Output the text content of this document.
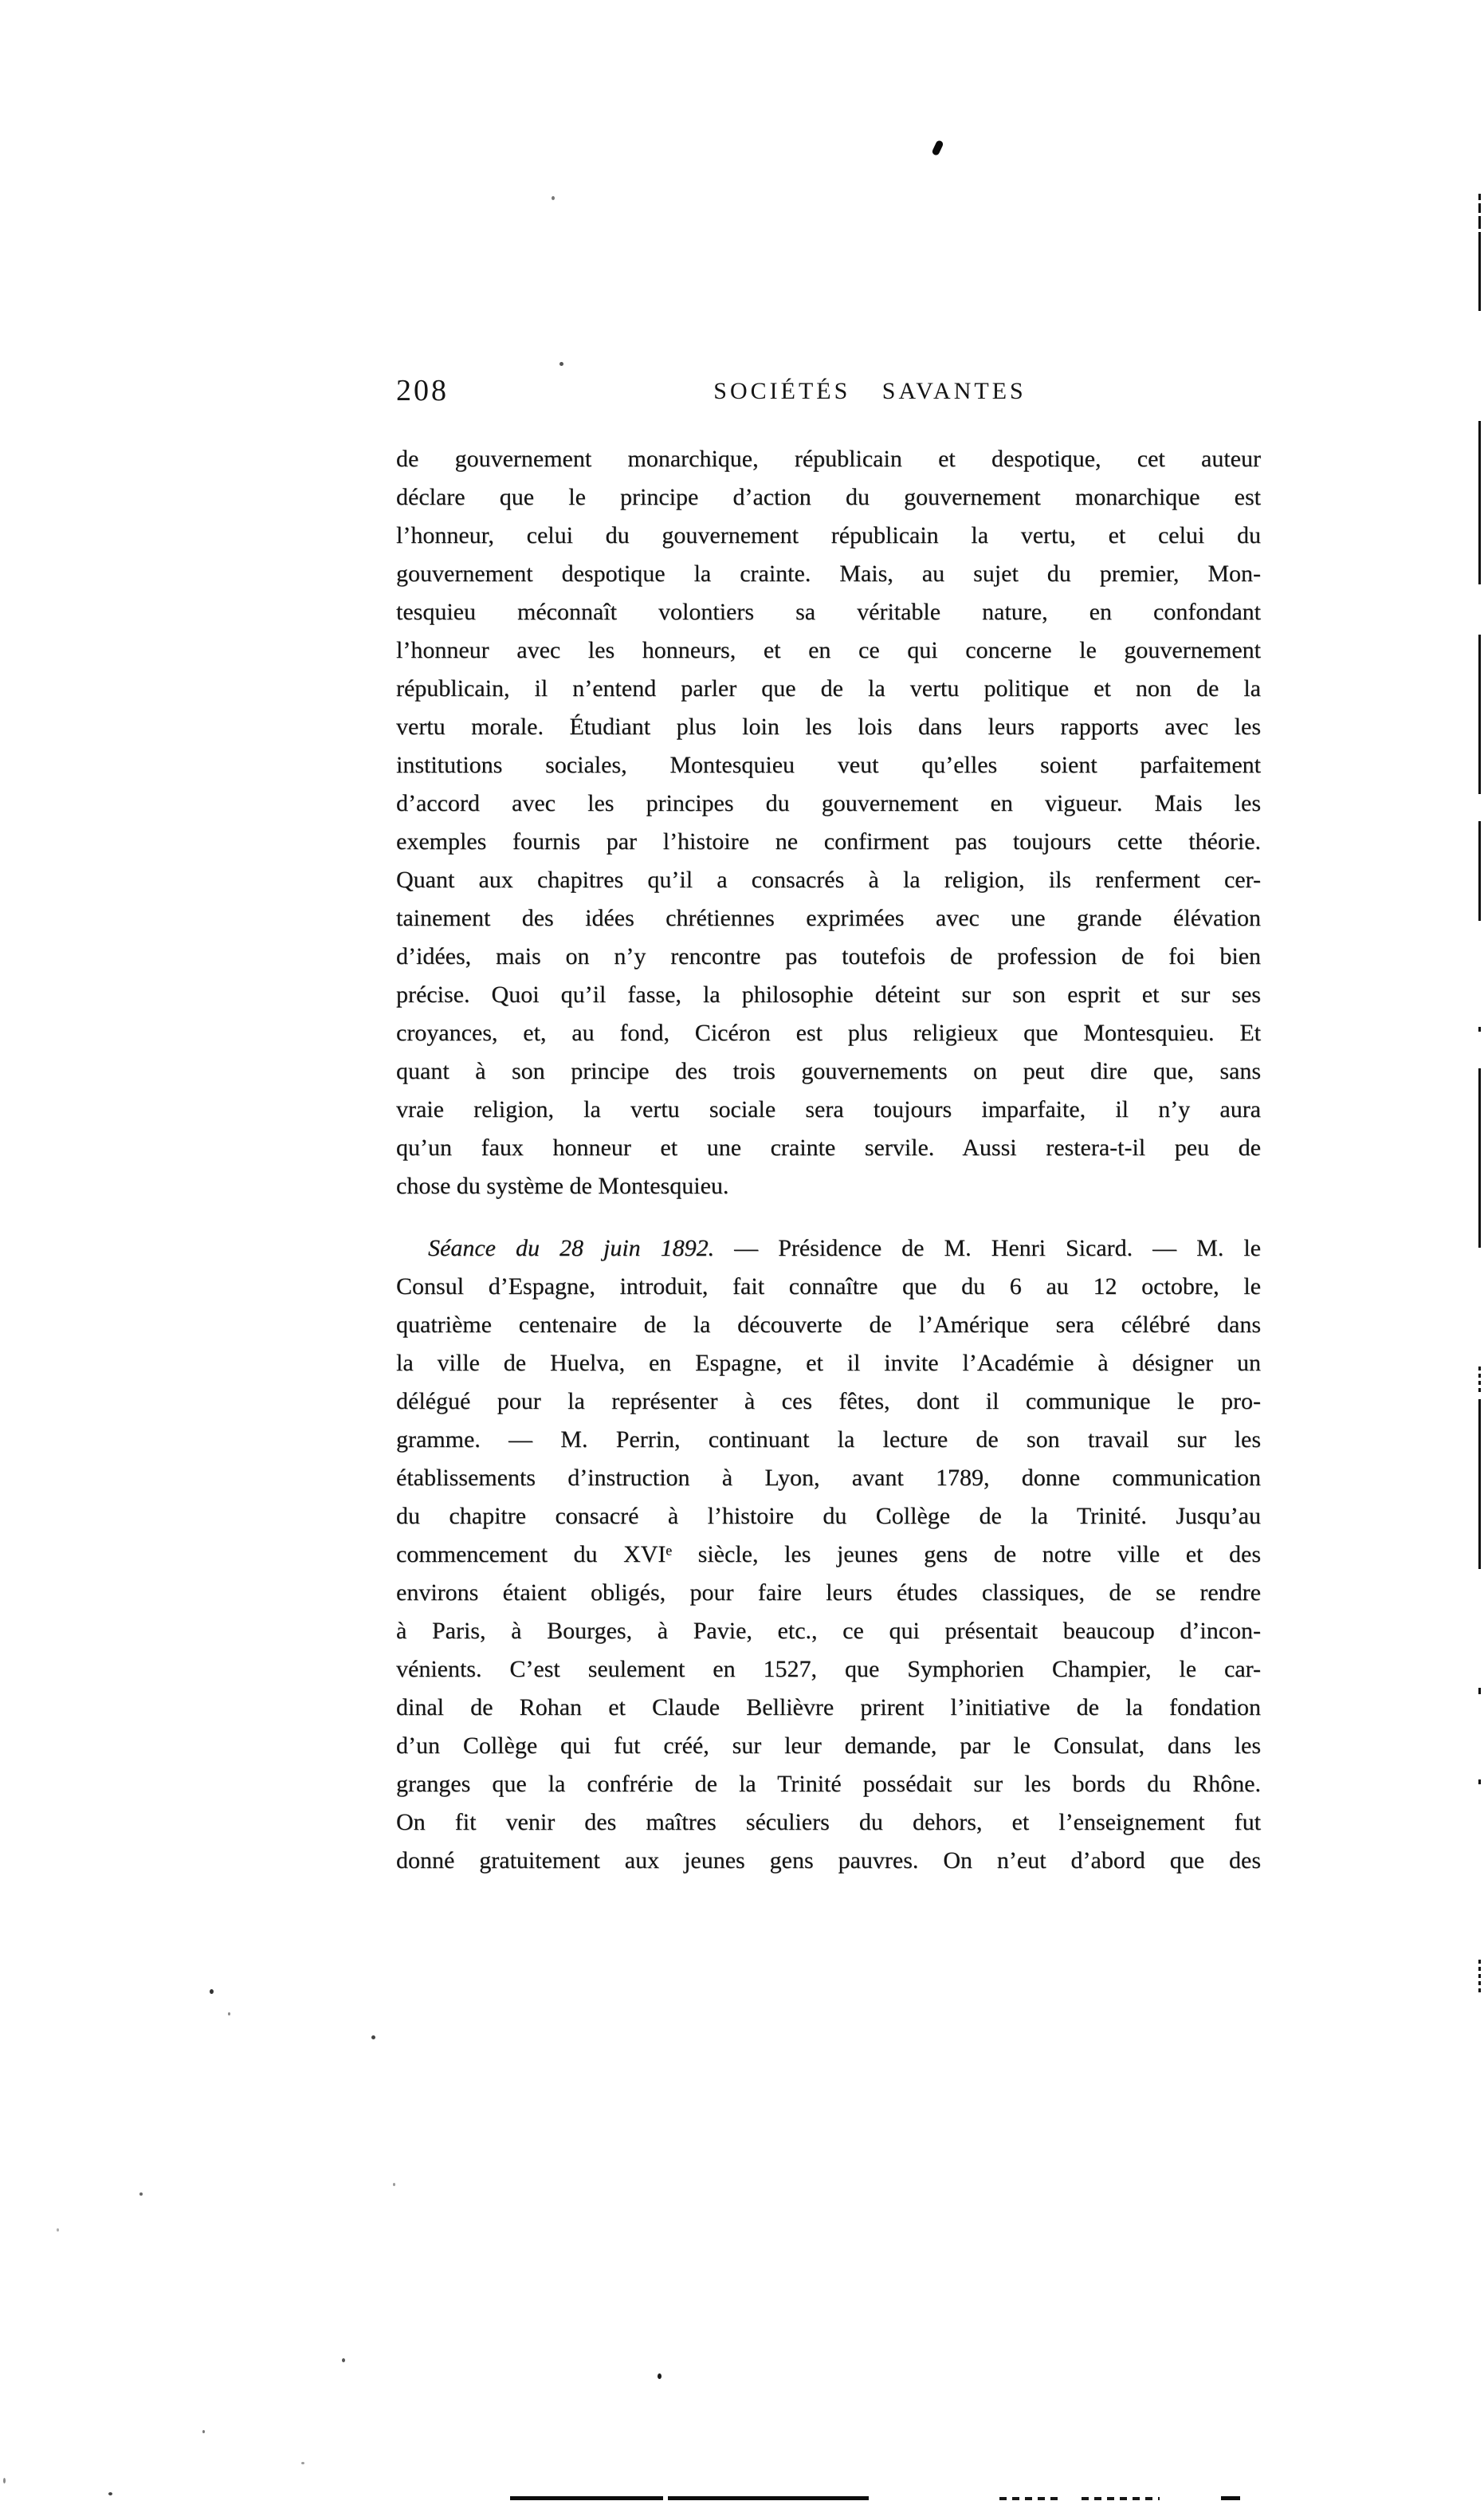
208	SOCIÉTÉS SAVANTES
de gouvernement monarchique, républicain et despotique, cet auteur
déclare que le principe d’action du gouvernement monarchique est
l’honneur, celui du gouvernement républicain la vertu, et celui du
gouvernement despotique la crainte. Mais, au sujet du premier, Mon-
tesquieu méconnaît volontiers sa véritable nature, en confondant
l’honneur avec les honneurs, et en ce qui concerne le gouvernement
républicain, il n’entend parler que de la vertu politique et non de la
vertu morale. Étudiant plus loin les lois dans leurs rapports avec les
institutions sociales, Montesquieu veut qu’elles soient parfaitement
d’accord avec les principes du gouvernement en vigueur. Mais les
exemples fournis par l’histoire ne confirment pas toujours cette théorie.
Quant aux chapitres qu’il a consacrés à la religion, ils renferment cer-
tainement des idées chrétiennes exprimées avec une grande élévation
d’idées, mais on n’y rencontre pas toutefois de profession de foi bien
précise. Quoi qu’il fasse, la philosophie déteint sur son esprit et sur ses
croyances, et, au fond, Cicéron est plus religieux que Montesquieu. Et
quant à son principe des trois gouvernements on peut dire que, sans
vraie religion, la vertu sociale sera toujours imparfaite, il n’y aura
qu’un faux honneur et une crainte servile. Aussi restera-t-il peu de
chose du système de Montesquieu.
Séance du 28 juin 1892. — Présidence de M. Henri Sicard. — M. le
Consul d’Espagne, introduit, fait connaître que du 6 au 12 octobre, le
quatrième centenaire de la découverte de l’Amérique sera célébré dans
la ville de Huelva, en Espagne, et il invite l’Académie à désigner un
délégué pour la représenter à ces fêtes, dont il communique le pro-
gramme. — M. Perrin, continuant la lecture de son travail sur les
établissements d’instruction à Lyon, avant 1789, donne communication
du chapitre consacré à l’histoire du Collège de la Trinité. Jusqu’au
commencement du XVIᵉ siècle, les jeunes gens de notre ville et des
environs étaient obligés, pour faire leurs études classiques, de se rendre
à Paris, à Bourges, à Pavie, etc., ce qui présentait beaucoup d’incon-
vénients. C’est seulement en 1527, que Symphorien Champier, le car-
dinal de Rohan et Claude Bellièvre prirent l’initiative de la fondation
d’un Collège qui fut créé, sur leur demande, par le Consulat, dans les
granges que la confrérie de la Trinité possédait sur les bords du Rhône.
On fit venir des maîtres séculiers du dehors, et l’enseignement fut
donné gratuitement aux jeunes gens pauvres. On n’eut d’abord que des
